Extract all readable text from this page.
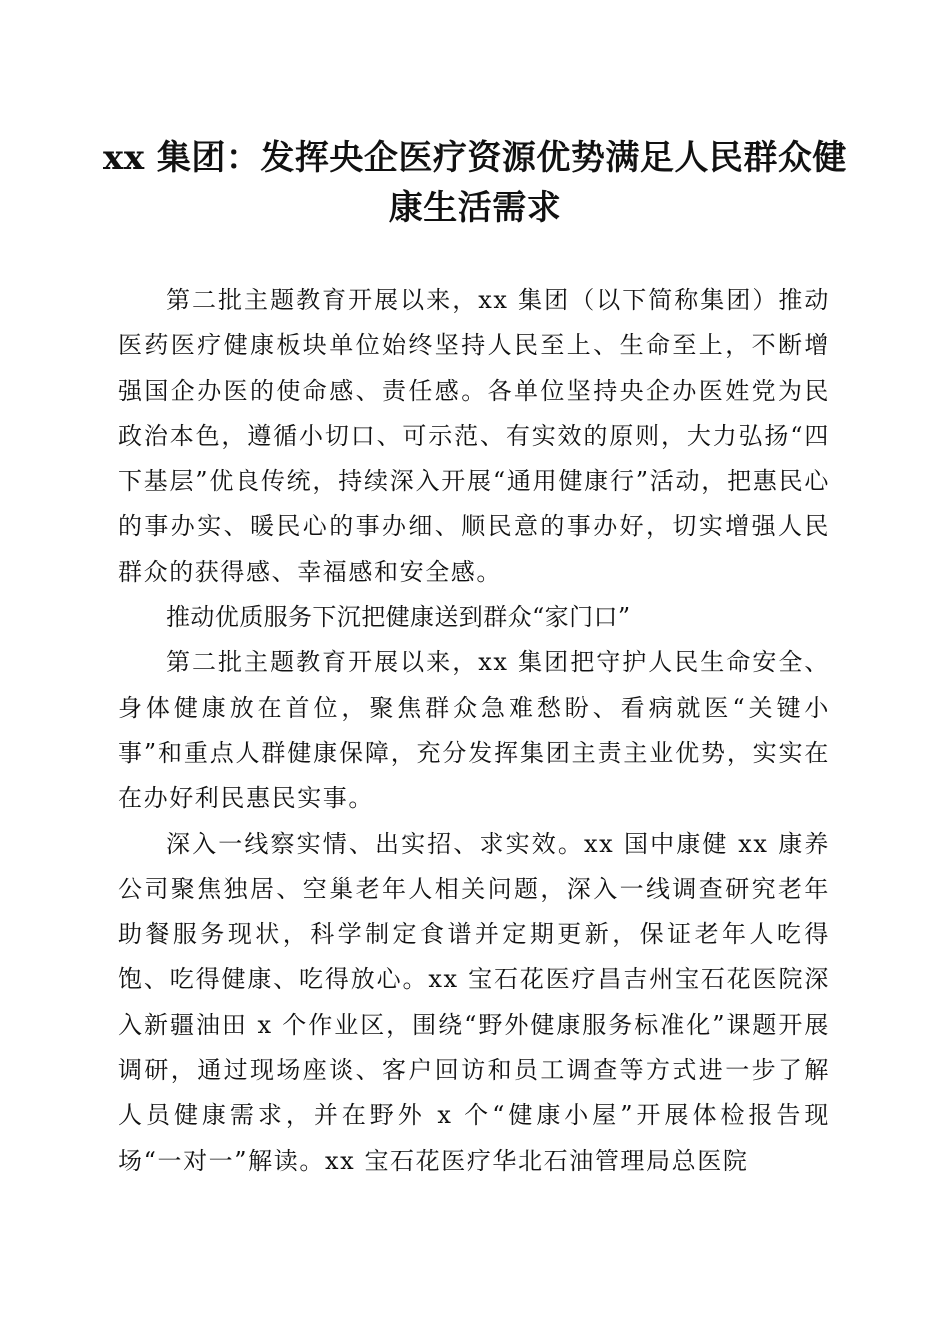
xx 集团：发挥央企医疗资源优势满足人民群众健康生活需求

第二批主题教育开展以来，xx 集团（以下简称集团）推动医药医疗健康板块单位始终坚持人民至上、生命至上，不断增强国企办医的使命感、责任感。各单位坚持央企办医姓党为民政治本色，遵循小切口、可示范、有实效的原则，大力弘扬“四下基层”优良传统，持续深入开展“通用健康行”活动，把惠民心的事办实、暖民心的事办细、顺民意的事办好，切实增强人民群众的获得感、幸福感和安全感。

推动优质服务下沉把健康送到群众“家门口”

第二批主题教育开展以来，xx 集团把守护人民生命安全、身体健康放在首位，聚焦群众急难愁盼、看病就医“关键小事”和重点人群健康保障，充分发挥集团主责主业优势，实实在在办好利民惠民实事。

深入一线察实情、出实招、求实效。xx 国中康健 xx 康养公司聚焦独居、空巢老年人相关问题，深入一线调查研究老年助餐服务现状，科学制定食谱并定期更新，保证老年人吃得饱、吃得健康、吃得放心。xx 宝石花医疗昌吉州宝石花医院深入新疆油田 x 个作业区，围绕“野外健康服务标准化”课题开展调研，通过现场座谈、客户回访和员工调查等方式进一步了解人员健康需求，并在野外 x 个“健康小屋”开展体检报告现场“一对一”解读。xx 宝石花医疗华北石油管理局总医院
